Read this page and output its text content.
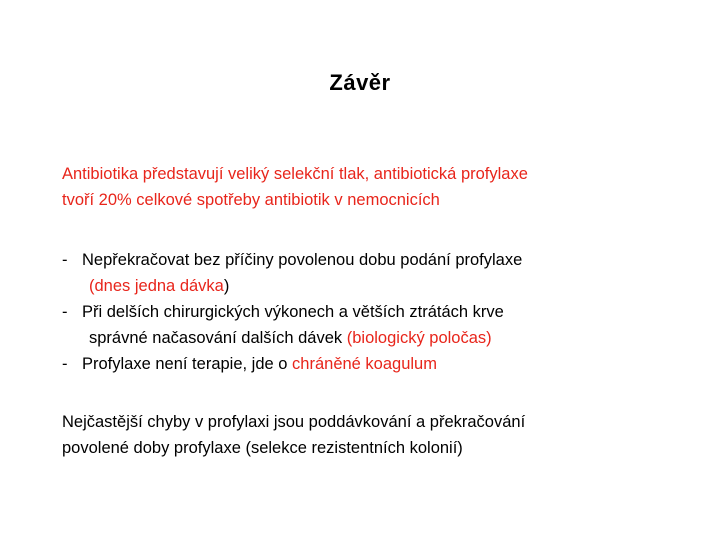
Závěr

Antibiotika představují veliký selekční tlak, antibiotická profylaxe

tvoří 20% celkové spotřeby antibiotik v nemocnicích

- Nepřekračovat bez příčiny povolenou dobu podání profylaxe

(dnes jedna dávka)

- Při delších chirurgických výkonech a větších ztrátách krve

správné načasování dalších dávek (biologický poločas)

- Profylaxe není terapie, jde o chráněné koagulum

Nejčastější chyby v profylaxi jsou poddávkování a překračování

povolené doby profylaxe (selekce rezistentních kolonií)
